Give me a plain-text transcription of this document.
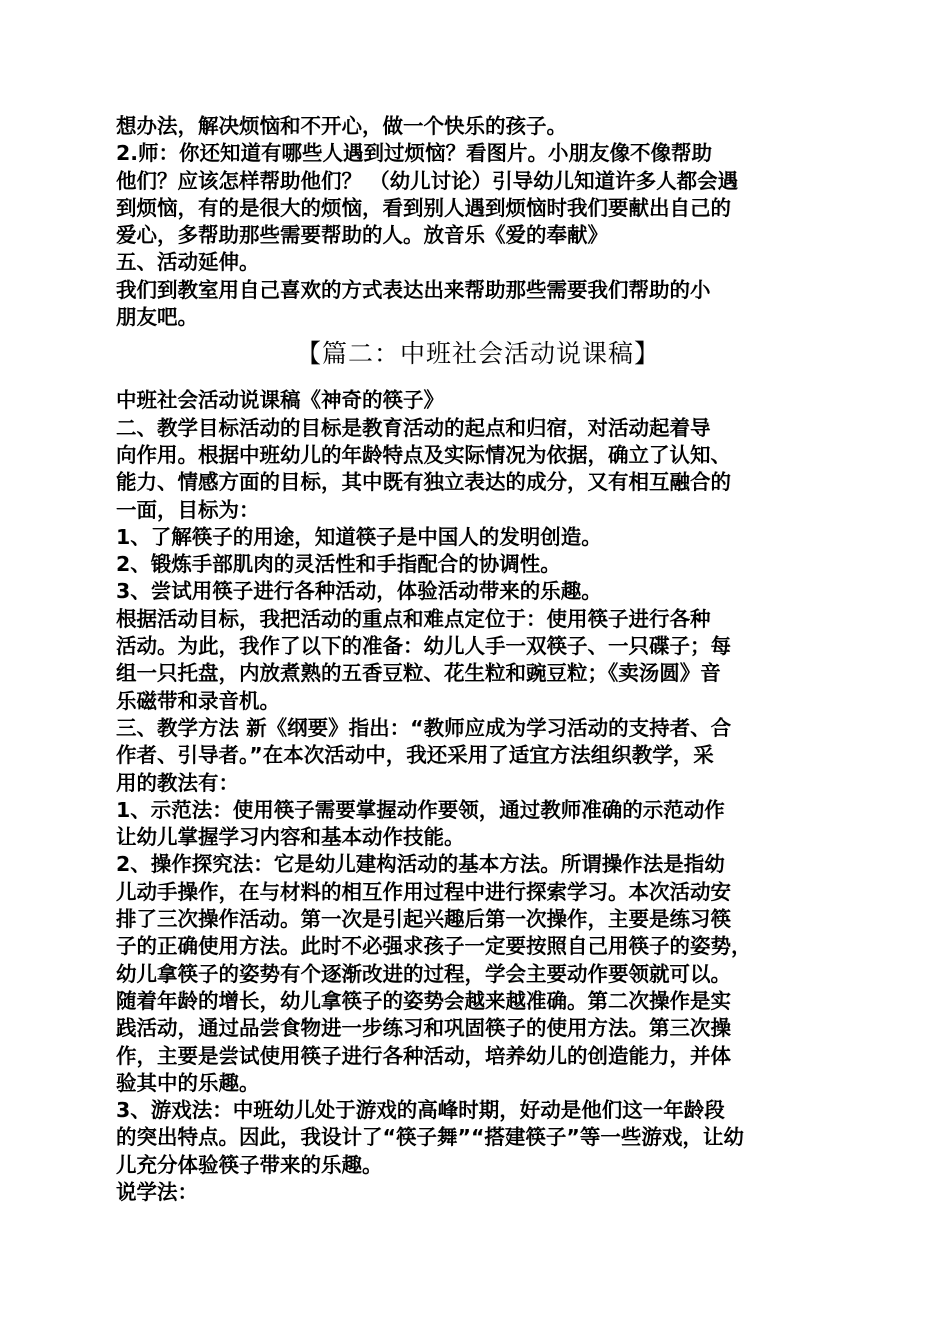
想办法，解决烦恼和不开心，做一个快乐的孩子。

2.师：你还知道有哪些人遇到过烦恼？看图片。小朋友像不像帮助

他们？应该怎样帮助他们？ （幼儿讨论）引导幼儿知道许多人都会遇

到烦恼，有的是很大的烦恼，看到别人遇到烦恼时我们要献出自己的

爱心，多帮助那些需要帮助的人。放音乐《爱的奉献》

五、活动延伸。

我们到教室用自己喜欢的方式表达出来帮助那些需要我们帮助的小

朋友吧。

【篇二：中班社会活动说课稿】

中班社会活动说课稿《神奇的筷子》

二、教学目标活动的目标是教育活动的起点和归宿，对活动起着导

向作用。根据中班幼儿的年龄特点及实际情况为依据，确立了认知、

能力、情感方面的目标，其中既有独立表达的成分，又有相互融合的

一面，目标为：

1、了解筷子的用途，知道筷子是中国人的发明创造。

2、锻炼手部肌肉的灵活性和手指配合的协调性。

3、尝试用筷子进行各种活动，体验活动带来的乐趣。

根据活动目标，我把活动的重点和难点定位于：使用筷子进行各种

活动。为此，我作了以下的准备：幼儿人手一双筷子、一只碟子；每

组一只托盘，内放煮熟的五香豆粒、花生粒和豌豆粒；《卖汤圆》音

乐磁带和录音机。

三、教学方法 新《纲要》指出：“教师应成为学习活动的支持者、合

作者、引导者。”在本次活动中，我还采用了适宜方法组织教学，采

用的教法有：

1、示范法：使用筷子需要掌握动作要领，通过教师准确的示范动作

让幼儿掌握学习内容和基本动作技能。

2、操作探究法：它是幼儿建构活动的基本方法。所谓操作法是指幼

儿动手操作，在与材料的相互作用过程中进行探索学习。本次活动安

排了三次操作活动。第一次是引起兴趣后第一次操作，主要是练习筷

子的正确使用方法。此时不必强求孩子一定要按照自己用筷子的姿势，

幼儿拿筷子的姿势有个逐渐改进的过程，学会主要动作要领就可以。

随着年龄的增长，幼儿拿筷子的姿势会越来越准确。第二次操作是实

践活动，通过品尝食物进一步练习和巩固筷子的使用方法。第三次操

作，主要是尝试使用筷子进行各种活动，培养幼儿的创造能力，并体

验其中的乐趣。

3、游戏法：中班幼儿处于游戏的高峰时期，好动是他们这一年龄段

的突出特点。因此，我设计了“筷子舞”“搭建筷子”等一些游戏，让幼

儿充分体验筷子带来的乐趣。

说学法：
